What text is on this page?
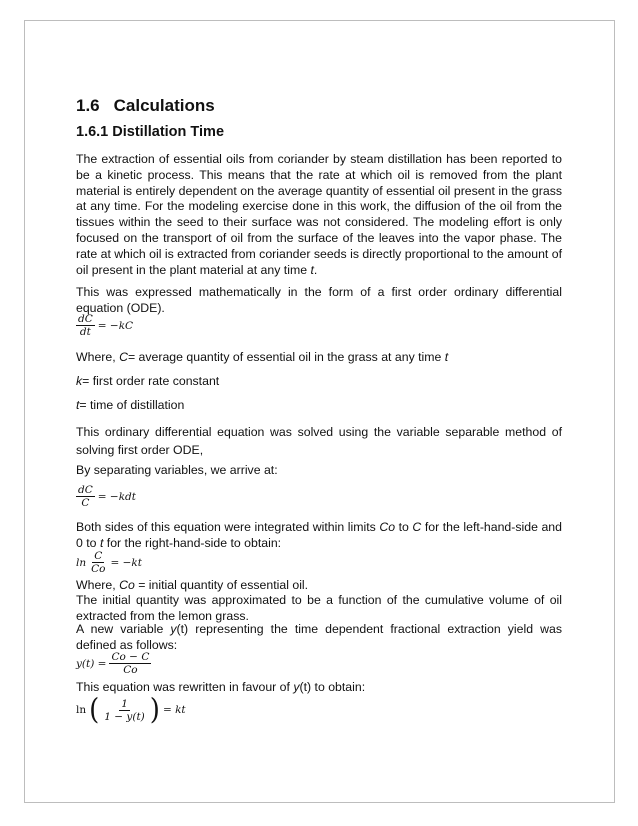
1.6 Calculations
1.6.1 Distillation Time

The extraction of essential oils from coriander by steam distillation has been reported to be a kinetic process. This means that the rate at which oil is removed from the plant material is entirely dependent on the average quantity of essential oil present in the grass at any time. For the modeling exercise done in this work, the diffusion of the oil from the tissues within the seed to their surface was not considered. The modeling effort is only focused on the transport of oil from the surface of the leaves into the vapor phase. The rate at which oil is extracted from coriander seeds is directly proportional to the amount of oil present in the plant material at any time t.

This was expressed mathematically in the form of a first order ordinary differential equation (ODE).

$\frac{dC}{dt} = -kC$

Where, C= average quantity of essential oil in the grass at any time t

k= first order rate constant

t= time of distillation

This ordinary differential equation was solved using the variable separable method of solving first order ODE,

By separating variables, we arrive at:

$\frac{dC}{C} = -kdt$

Both sides of this equation were integrated within limits Co to C for the left-hand-side and 0 to t for the right-hand-side to obtain:

$\ln \frac{C}{Co} = -kt$

Where, Co = initial quantity of essential oil.

The initial quantity was approximated to be a function of the cumulative volume of oil extracted from the lemon grass.

A new variable y(t) representing the time dependent fractional extraction yield was defined as follows:

$y(t) = \frac{Co - C}{Co}$

This equation was rewritten in favour of y(t) to obtain:

ln ( $\frac{1}{1 - y(t)}$ ) = kt
